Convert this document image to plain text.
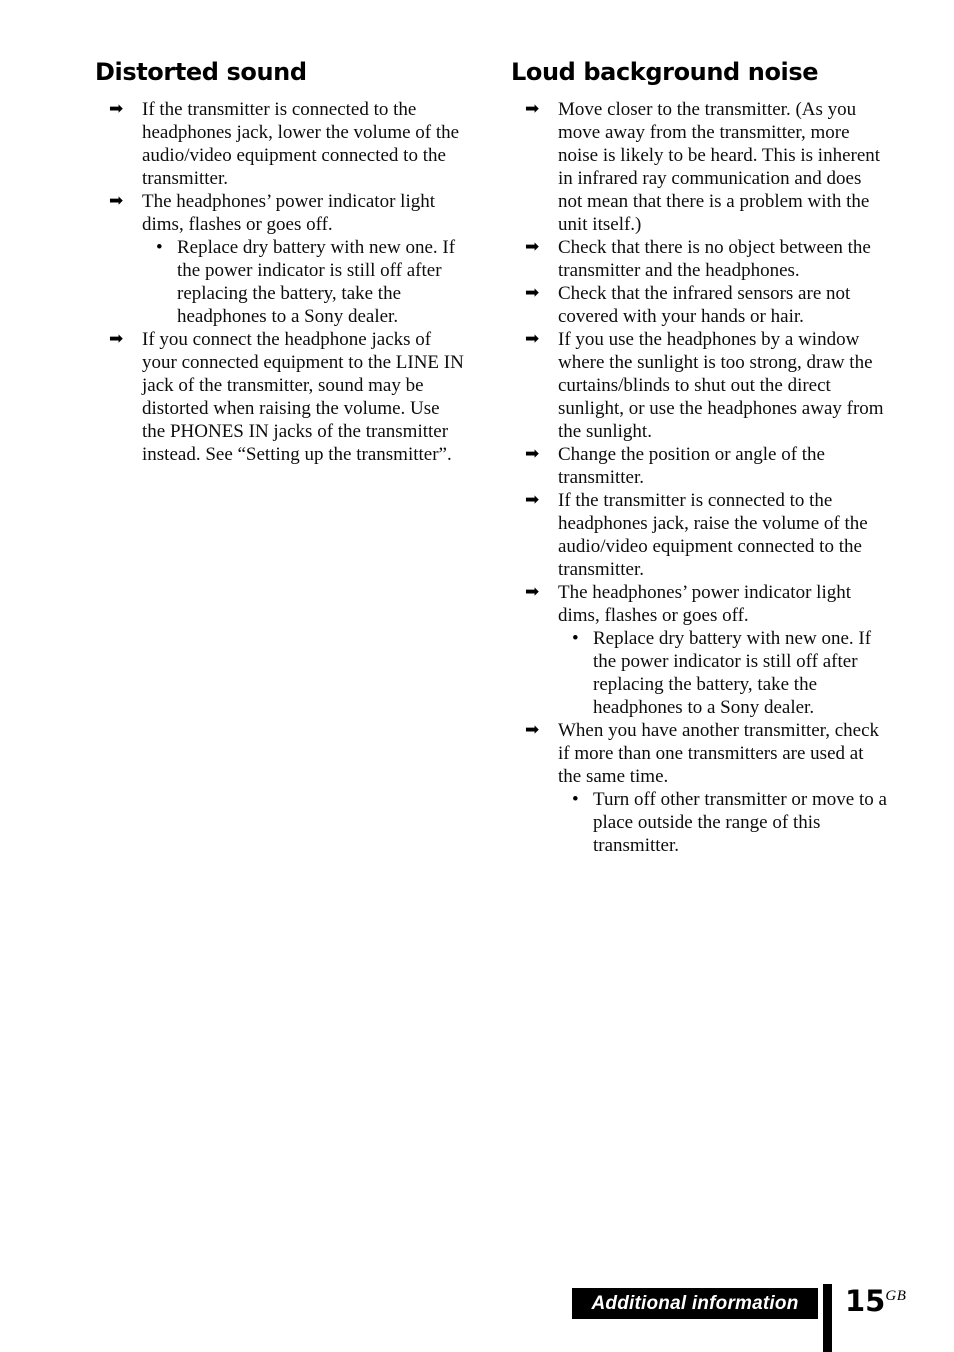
Distorted sound
➡ If the transmitter is connected to the headphones jack, lower the volume of the audio/video equipment connected to the transmitter.
➡ The headphones’ power indicator light dims, flashes or goes off.
• Replace dry battery with new one. If the power indicator is still off after replacing the battery, take the headphones to a Sony dealer.
➡ If you connect the headphone jacks of your connected equipment to the LINE IN jack of the transmitter, sound may be distorted when raising the volume. Use the PHONES IN jacks of the transmitter instead. See “Setting up the transmitter”.
Loud background noise
➡ Move closer to the transmitter. (As you move away from the transmitter, more noise is likely to be heard. This is inherent in infrared ray communication and does not mean that there is a problem with the unit itself.)
➡ Check that there is no object between the transmitter and the headphones.
➡ Check that the infrared sensors are not covered with your hands or hair.
➡ If you use the headphones by a window where the sunlight is too strong, draw the curtains/blinds to shut out the direct sunlight, or use the headphones away from the sunlight.
➡ Change the position or angle of the transmitter.
➡ If the transmitter is connected to the headphones jack, raise the volume of the audio/video equipment connected to the transmitter.
➡ The headphones’ power indicator light dims, flashes or goes off.
• Replace dry battery with new one. If the power indicator is still off after replacing the battery, take the headphones to a Sony dealer.
➡ When you have another transmitter, check if more than one transmitters are used at the same time.
• Turn off other transmitter or move to a place outside the range of this transmitter.
Additional information $15^{GB}$
